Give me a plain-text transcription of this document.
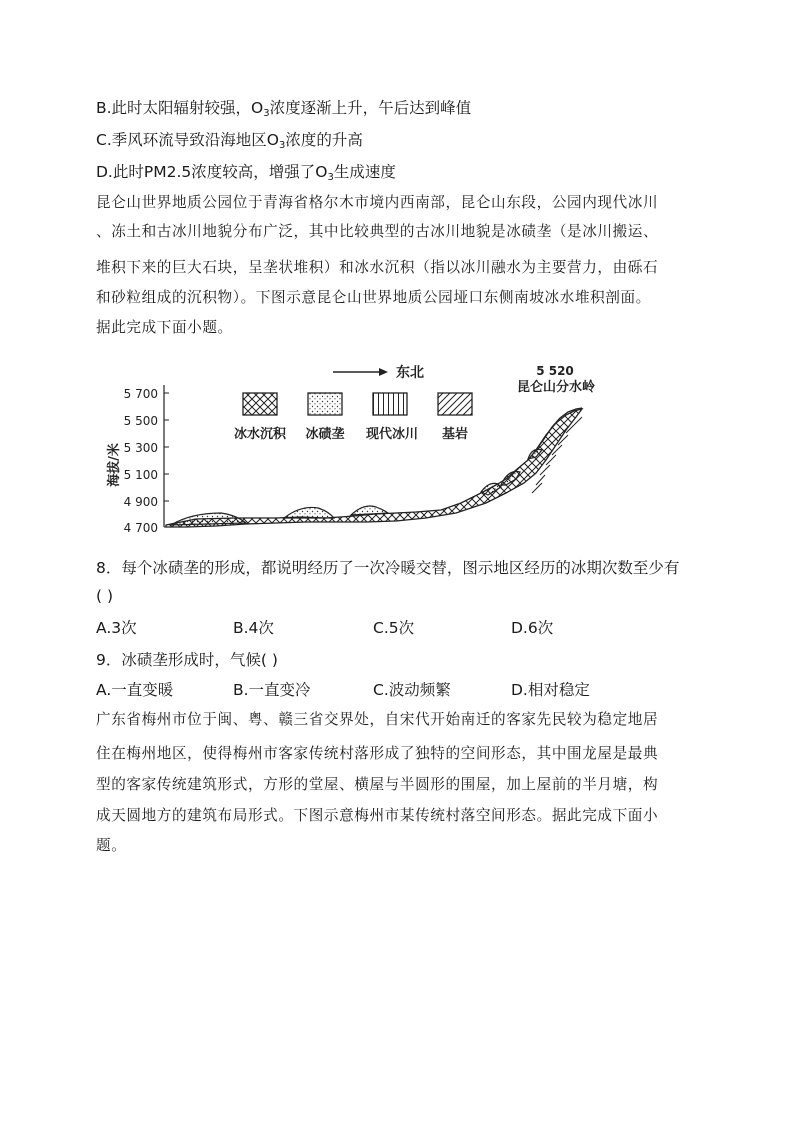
B.此时太阳辐射较强，$O_3$浓度逐渐上升，午后达到峰值
C.季风环流导致沿海地区$O_3$浓度的升高
D.此时PM2.5浓度较高，增强了$O_3$生成速度
昆仑山世界地质公园位于青海省格尔木市境内西南部，昆仑山东段，公园内现代冰川
、冻土和古冰川地貌分布广泛，其中比较典型的古冰川地貌是冰碛垄（是冰川搬运、
堆积下来的巨大石块，呈垄状堆积）和冰水沉积（指以冰川融水为主要营力，由砾石
和砂粒组成的沉积物）。下图示意昆仑山世界地质公园垭口东侧南坡冰水堆积剖面。
据此完成下面小题。
东北	5 520
昆仑山分水岭
5 700
5 500
5 300
5 100
4 900
4 700
海拔/米
冰水沉积 冰碛垄 现代冰川 基岩
8．每个冰碛垄的形成，都说明经历了一次冷暖交替，图示地区经历的冰期次数至少有
( )
A.3次	B.4次	C.5次	D.6次
9．冰碛垄形成时，气候( )
A.一直变暖	B.一直变冷	C.波动频繁	D.相对稳定
广东省梅州市位于闽、粤、赣三省交界处，自宋代开始南迁的客家先民较为稳定地居
住在梅州地区，使得梅州市客家传统村落形成了独特的空间形态，其中围龙屋是最典
型的客家传统建筑形式，方形的堂屋、横屋与半圆形的围屋，加上屋前的半月塘，构
成天圆地方的建筑布局形式。下图示意梅州市某传统村落空间形态。据此完成下面小
题。
